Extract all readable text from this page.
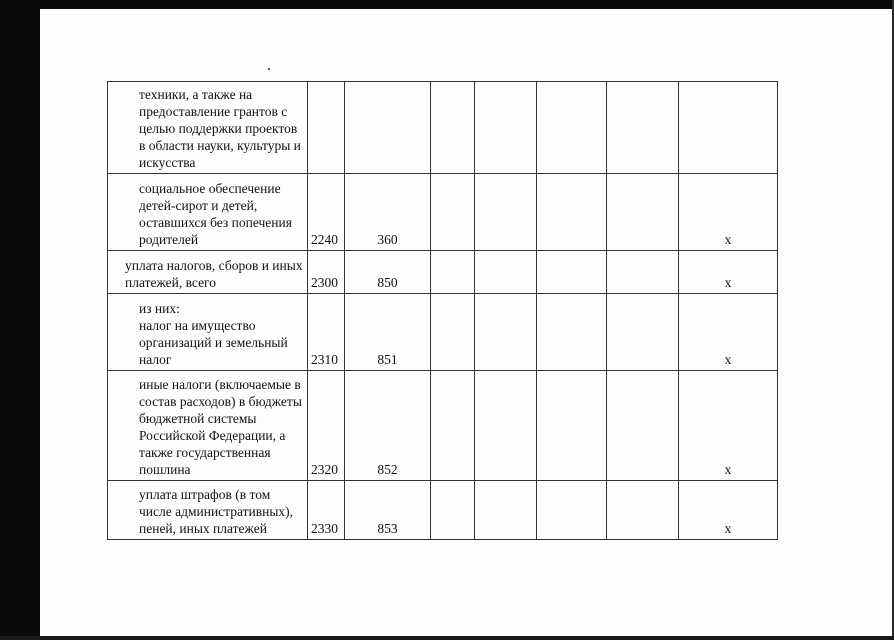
техники, а также на предоставление грантов с целью поддержки проектов в области науки, культуры и искусства							
социальное обеспечение детей-сирот и детей, оставшихся без попечения родителей	2240	360					x
уплата налогов, сборов и иных платежей, всего	2300	850					x
из них:
налог на имущество организаций и земельный налог	2310	851					x
иные налоги (включаемые в состав расходов) в бюджеты бюджетной системы Российской Федерации, а также государственная пошлина	2320	852					x
уплата штрафов (в том числе административных), пеней, иных платежей	2330	853					x
